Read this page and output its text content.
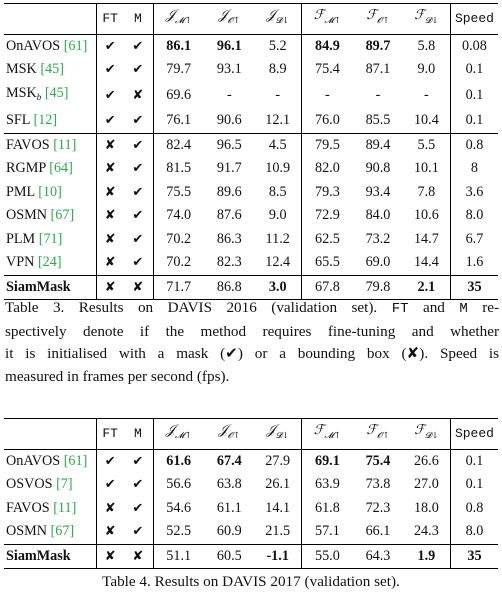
	FT	M	𝒥$_{𝓜↑}$	𝒥$_{𝓞↑}$	𝒥$_{𝓓↓}$	ℱ$_{𝓜↑}$	ℱ$_{𝓞↑}$	ℱ$_{𝓓↓}$	Speed
OnAVOS [61]	✔	✔	86.1	96.1	5.2	84.9	89.7	5.8	0.08
MSK [45]	✔	✔	79.7	93.1	8.9	75.4	87.1	9.0	0.1
$MSK_b$ [45]	✔	✘	69.6	-	-	-	-	-	0.1
SFL [12]	✔	✔	76.1	90.6	12.1	76.0	85.5	10.4	0.1
FAVOS [11]	✘	✔	82.4	96.5	4.5	79.5	89.4	5.5	0.8
RGMP [64]	✘	✔	81.5	91.7	10.9	82.0	90.8	10.1	8
PML [10]	✘	✔	75.5	89.6	8.5	79.3	93.4	7.8	3.6
OSMN [67]	✘	✔	74.0	87.6	9.0	72.9	84.0	10.6	8.0
PLM [71]	✘	✔	70.2	86.3	11.2	62.5	73.2	14.7	6.7
VPN [24]	✘	✔	70.2	82.3	12.4	65.5	69.0	14.4	1.6
SiamMask	✘	✘	71.7	86.8	3.0	67.8	79.8	2.1	35
Table 3. Results on DAVIS 2016 (validation set). FT and M re-
spectively denote if the method requires fine-tuning and whether
it is initialised with a mask (✔) or a bounding box (✘). Speed is
measured in frames per second (fps).
	FT	M	𝒥$_{𝓜↑}$	𝒥$_{𝓞↑}$	𝒥$_{𝓓↓}$	ℱ$_{𝓜↑}$	ℱ$_{𝓞↑}$	ℱ$_{𝓓↓}$	Speed
OnAVOS [61]	✔	✔	61.6	67.4	27.9	69.1	75.4	26.6	0.1
OSVOS [7]	✔	✔	56.6	63.8	26.1	63.9	73.8	27.0	0.1
FAVOS [11]	✘	✔	54.6	61.1	14.1	61.8	72.3	18.0	0.8
OSMN [67]	✘	✔	52.5	60.9	21.5	57.1	66.1	24.3	8.0
SiamMask	✘	✘	51.1	60.5	-1.1	55.0	64.3	1.9	35
Table 4. Results on DAVIS 2017 (validation set).
